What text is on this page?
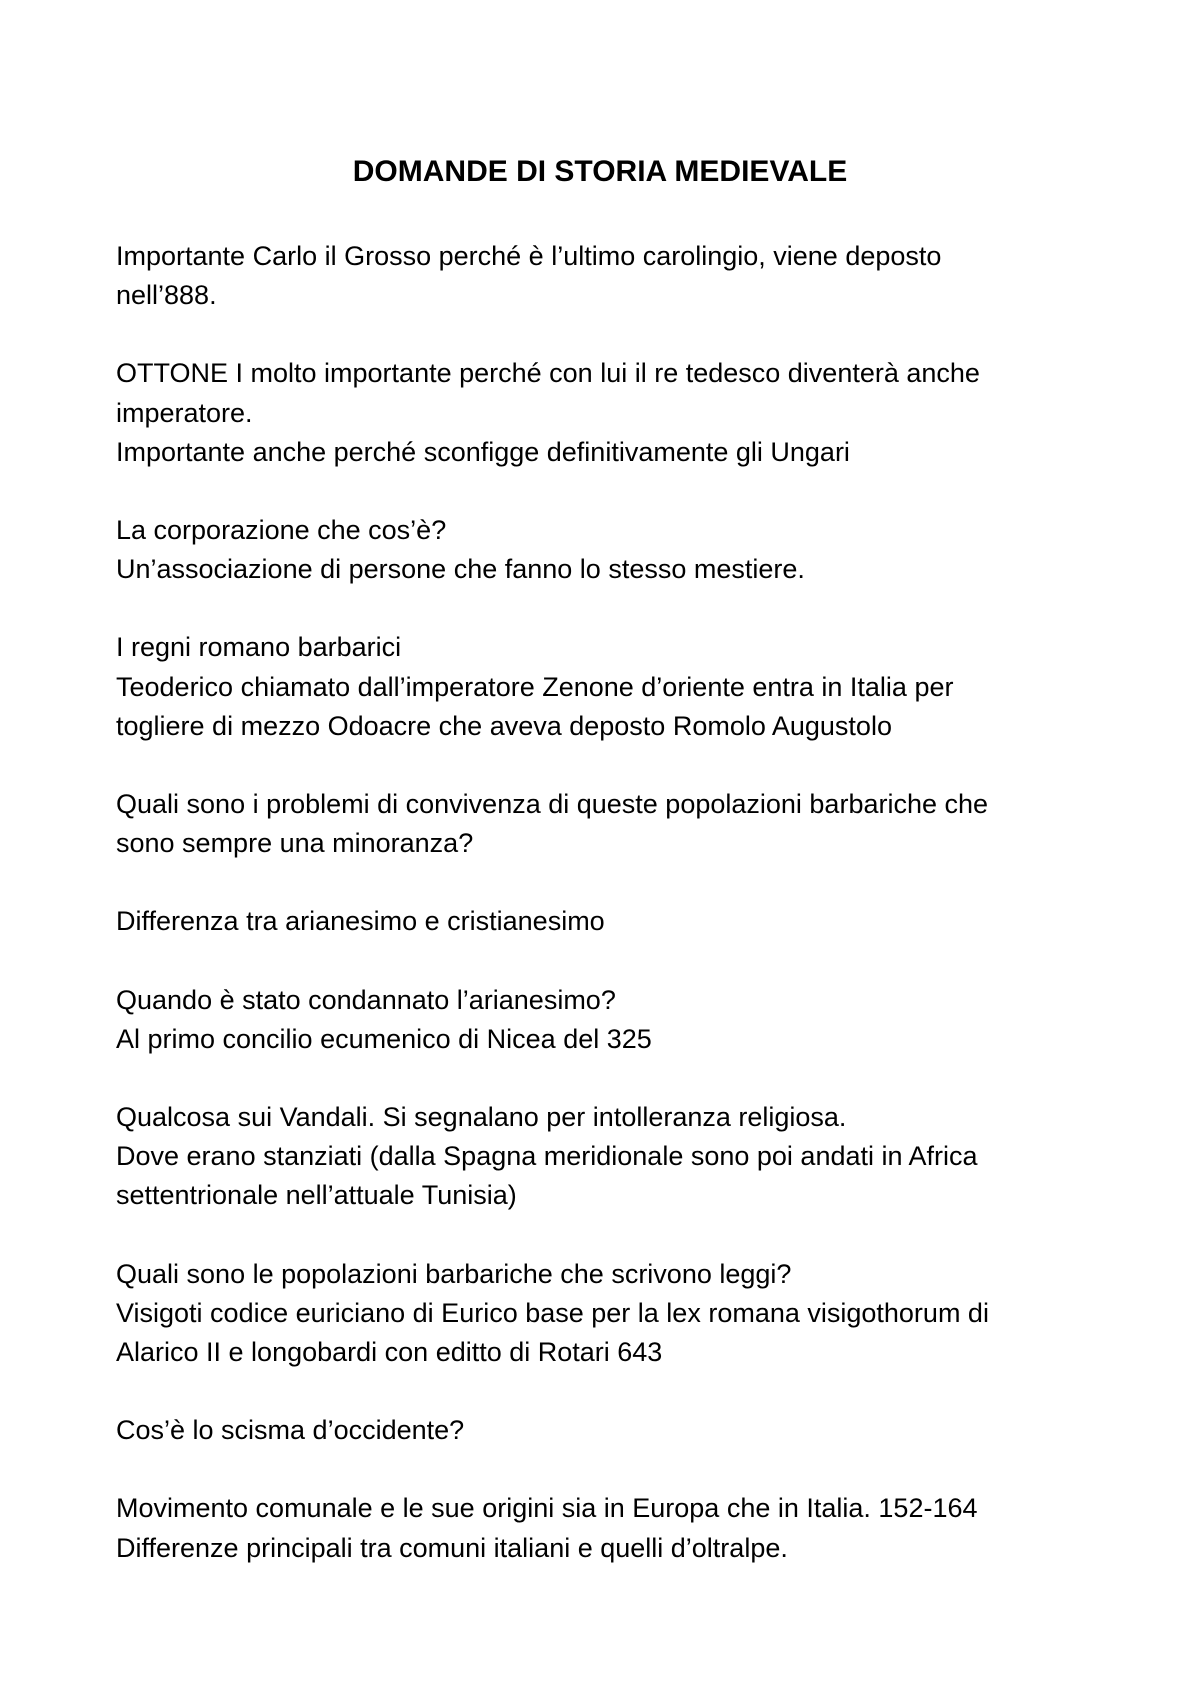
DOMANDE DI STORIA MEDIEVALE
Importante Carlo il Grosso perché è l’ultimo carolingio, viene deposto
nell’888.
OTTONE I molto importante perché con lui il re tedesco diventerà anche
imperatore.
Importante anche perché sconfigge definitivamente gli Ungari
La corporazione che cos’è?
Un’associazione di persone che fanno lo stesso mestiere.
I regni romano barbarici
Teoderico chiamato dall’imperatore Zenone d’oriente entra in Italia per
togliere di mezzo Odoacre che aveva deposto Romolo Augustolo
Quali sono i problemi di convivenza di queste popolazioni barbariche che
sono sempre una minoranza?
Differenza tra arianesimo e cristianesimo
Quando è stato condannato l’arianesimo?
Al primo concilio ecumenico di Nicea del 325
Qualcosa sui Vandali. Si segnalano per intolleranza religiosa.
Dove erano stanziati (dalla Spagna meridionale sono poi andati in Africa
settentrionale nell’attuale Tunisia)
Quali sono le popolazioni barbariche che scrivono leggi?
Visigoti codice euriciano di Eurico base per la lex romana visigothorum di
Alarico II e longobardi con editto di Rotari 643
Cos’è lo scisma d’occidente?
Movimento comunale e le sue origini sia in Europa che in Italia. 152-164
Differenze principali tra comuni italiani e quelli d’oltralpe.
